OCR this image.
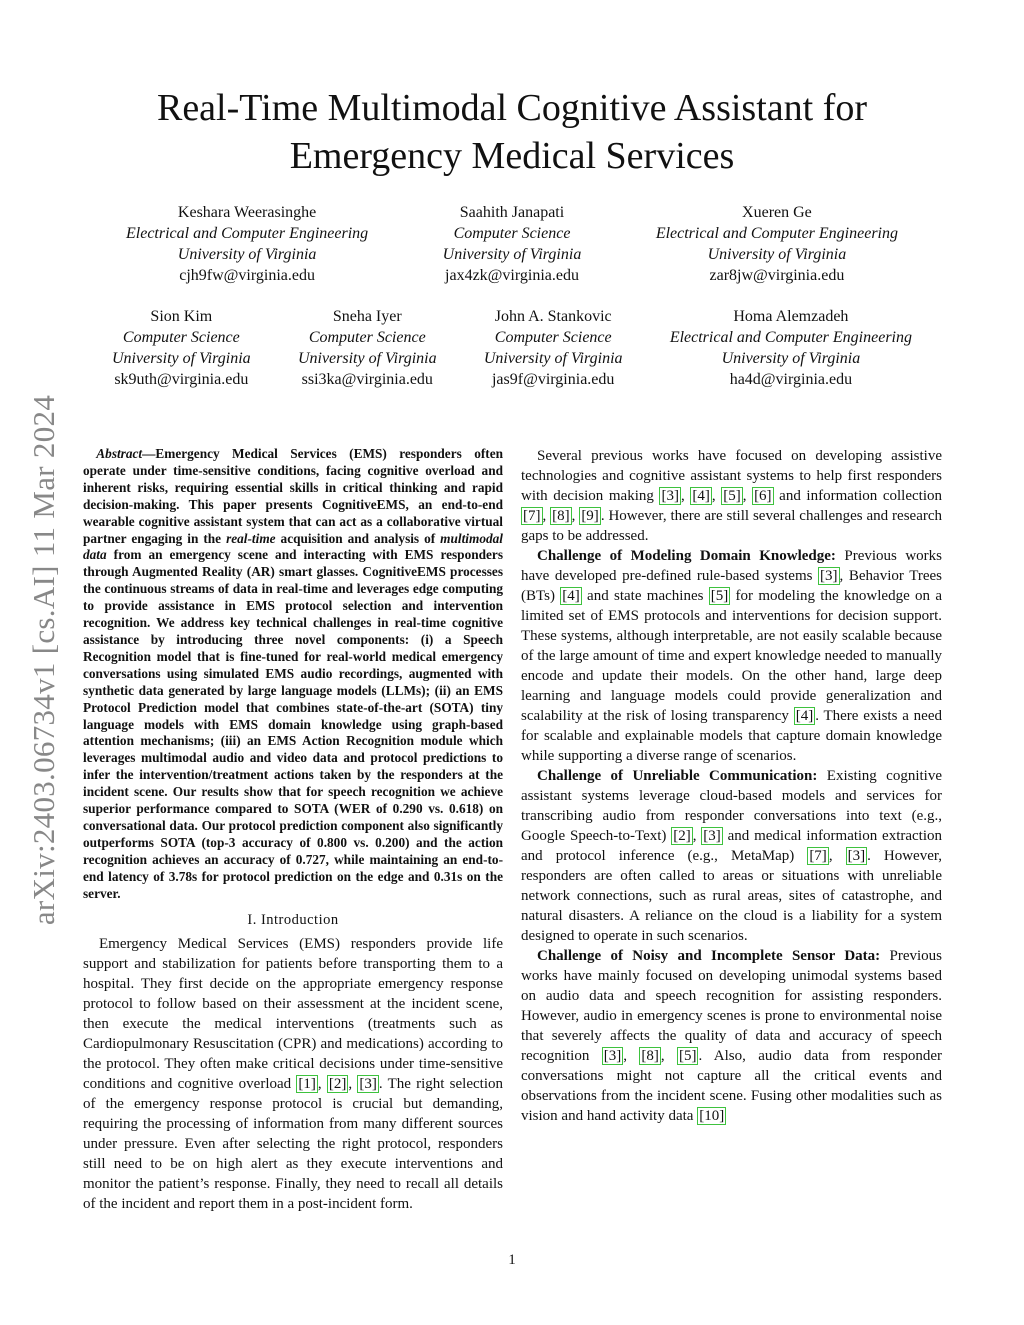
arXiv:2403.06734v1 [cs.AI] 11 Mar 2024
Real-Time Multimodal Cognitive Assistant for
Emergency Medical Services
Keshara Weerasinghe
Electrical and Computer Engineering
University of Virginia
cjh9fw@virginia.edu
Saahith Janapati
Computer Science
University of Virginia
jax4zk@virginia.edu
Xueren Ge
Electrical and Computer Engineering
University of Virginia
zar8jw@virginia.edu
Sion Kim
Computer Science
University of Virginia
sk9uth@virginia.edu
Sneha Iyer
Computer Science
University of Virginia
ssi3ka@virginia.edu
John A. Stankovic
Computer Science
University of Virginia
jas9f@virginia.edu
Homa Alemzadeh
Electrical and Computer Engineering
University of Virginia
ha4d@virginia.edu

Abstract—Emergency Medical Services (EMS) responders often operate under time-sensitive conditions, facing cognitive overload and inherent risks, requiring essential skills in critical thinking and rapid decision-making. This paper presents CognitiveEMS, an end-to-end wearable cognitive assistant system that can act as a collaborative virtual partner engaging in the real-time acquisition and analysis of multimodal data from an emergency scene and interacting with EMS responders through Augmented Reality (AR) smart glasses. CognitiveEMS processes the continuous streams of data in real-time and leverages edge computing to provide assistance in EMS protocol selection and intervention recognition. We address key technical challenges in real-time cognitive assistance by introducing three novel components: (i) a Speech Recognition model that is fine-tuned for real-world medical emergency conversations using simulated EMS audio recordings, augmented with synthetic data generated by large language models (LLMs); (ii) an EMS Protocol Prediction model that combines state-of-the-art (SOTA) tiny language models with EMS domain knowledge using graph-based attention mechanisms; (iii) an EMS Action Recognition module which leverages multimodal audio and video data and protocol predictions to infer the intervention/treatment actions taken by the responders at the incident scene. Our results show that for speech recognition we achieve superior performance compared to SOTA (WER of 0.290 vs. 0.618) on conversational data. Our protocol prediction component also significantly outperforms SOTA (top-3 accuracy of 0.800 vs. 0.200) and the action recognition achieves an accuracy of 0.727, while maintaining an end-to-end latency of 3.78s for protocol prediction on the edge and 0.31s on the server.

I. Introduction

Emergency Medical Services (EMS) responders provide life support and stabilization for patients before transporting them to a hospital. They first decide on the appropriate emergency response protocol to follow based on their assessment at the incident scene, then execute the medical interventions (treatments such as Cardiopulmonary Resuscitation (CPR) and medications) according to the protocol. They often make critical decisions under time-sensitive conditions and cognitive overload [1] , [2] , [3] . The right selection of the emergency response protocol is crucial but demanding, requiring the processing of information from many different sources under pressure. Even after selecting the right protocol, responders still need to be on high alert as they execute interventions and monitor the patient’s response. Finally, they need to recall all details of the incident and report them in a post-incident form.

Several previous works have focused on developing assistive technologies and cognitive assistant systems to help first responders with decision making [3] , [4] , [5] , [6] and information collection [7] , [8] , [9] . However, there are still several challenges and research gaps to be addressed.

Challenge of Modeling Domain Knowledge: Previous works have developed pre-defined rule-based systems [3] , Behavior Trees (BTs) [4] and state machines [5] for modeling the knowledge on a limited set of EMS protocols and interventions for decision support. These systems, although interpretable, are not easily scalable because of the large amount of time and expert knowledge needed to manually encode and update their models. On the other hand, large deep learning and language models could provide generalization and scalability at the risk of losing transparency [4] . There exists a need for scalable and explainable models that capture domain knowledge while supporting a diverse range of scenarios.

Challenge of Unreliable Communication: Existing cognitive assistant systems leverage cloud-based models and services for transcribing audio from responder conversations into text (e.g., Google Speech-to-Text) [2] , [3] and medical information extraction and protocol inference (e.g., MetaMap) [7] , [3] . However, responders are often called to areas or situations with unreliable network connections, such as rural areas, sites of catastrophe, and natural disasters. A reliance on the cloud is a liability for a system designed to operate in such scenarios.

Challenge of Noisy and Incomplete Sensor Data: Previous works have mainly focused on developing unimodal systems based on audio data and speech recognition for assisting responders. However, audio in emergency scenes is prone to environmental noise that severely affects the quality of data and accuracy of speech recognition [3] , [8] , [5] . Also, audio data from responder conversations might not capture all the critical events and observations from the incident scene. Fusing other modalities such as vision and hand activity data [10]

1
